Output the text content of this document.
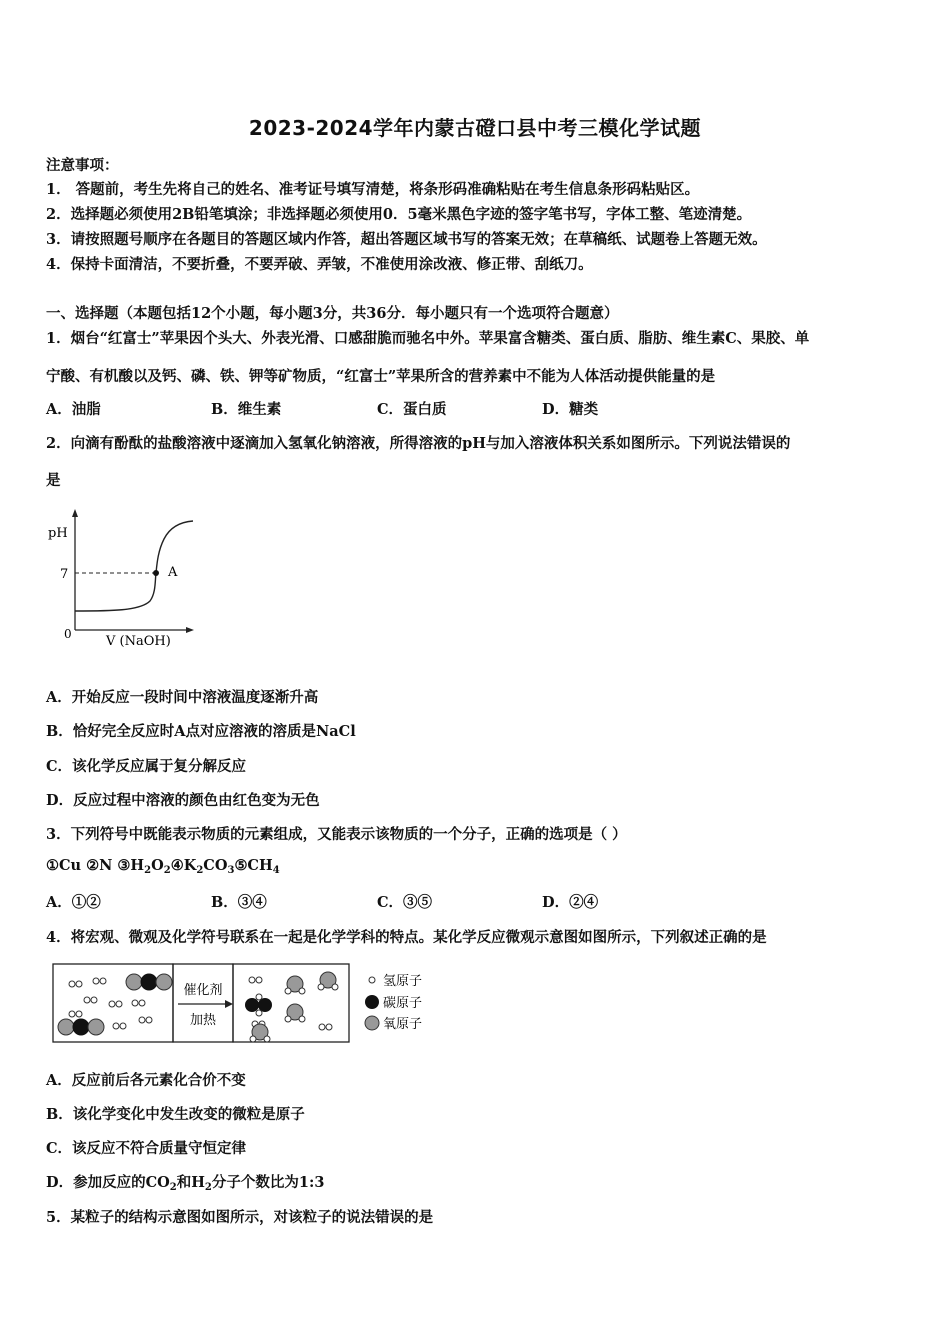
2023-2024学年内蒙古磴口县中考三模化学试题
注意事项：
1． 答题前，考生先将自己的姓名、准考证号填写清楚，将条形码准确粘贴在考生信息条形码粘贴区。
2．选择题必须使用2B铅笔填涂；非选择题必须使用0．5毫米黑色字迹的签字笔书写，字体工整、笔迹清楚。
3．请按照题号顺序在各题目的答题区域内作答，超出答题区域书写的答案无效；在草稿纸、试题卷上答题无效。
4．保持卡面清洁，不要折叠，不要弄破、弄皱，不准使用涂改液、修正带、刮纸刀。
一、选择题（本题包括12个小题，每小题3分，共36分．每小题只有一个选项符合题意）
1．烟台“红富士”苹果因个头大、外表光滑、口感甜脆而驰名中外。苹果富含糖类、蛋白质、脂肪、维生素C、果胶、单
宁酸、有机酸以及钙、磷、铁、钾等矿物质，“红富士”苹果所含的营养素中不能为人体活动提供能量的是
A．油脂	B．维生素	C．蛋白质	D．糖类
2．向滴有酚酞的盐酸溶液中逐滴加入氢氧化钠溶液，所得溶液的pH与加入溶液体积关系如图所示。下列说法错误的
是
pH
7
0
A
V (NaOH)
A．开始反应一段时间中溶液温度逐渐升高
B．恰好完全反应时A点对应溶液的溶质是NaCl
C．该化学反应属于复分解反应
D．反应过程中溶液的颜色由红色变为无色
3．下列符号中既能表示物质的元素组成，又能表示该物质的一个分子，正确的选项是（ ）
①Cu ②N $③H_2O_2④K_2CO_3⑤CH_4$
A．①②	B．③④	C．③⑤	D．②④
4．将宏观、微观及化学符号联系在一起是化学学科的特点。某化学反应微观示意图如图所示，下列叙述正确的是
催化剂
加热
氢原子
碳原子
氧原子
A．反应前后各元素化合价不变
B．该化学变化中发生改变的微粒是原子
C．该反应不符合质量守恒定律
D．参加反应的$CO_2$和$H_2$分子个数比为1:3
5．某粒子的结构示意图如图所示，对该粒子的说法错误的是
